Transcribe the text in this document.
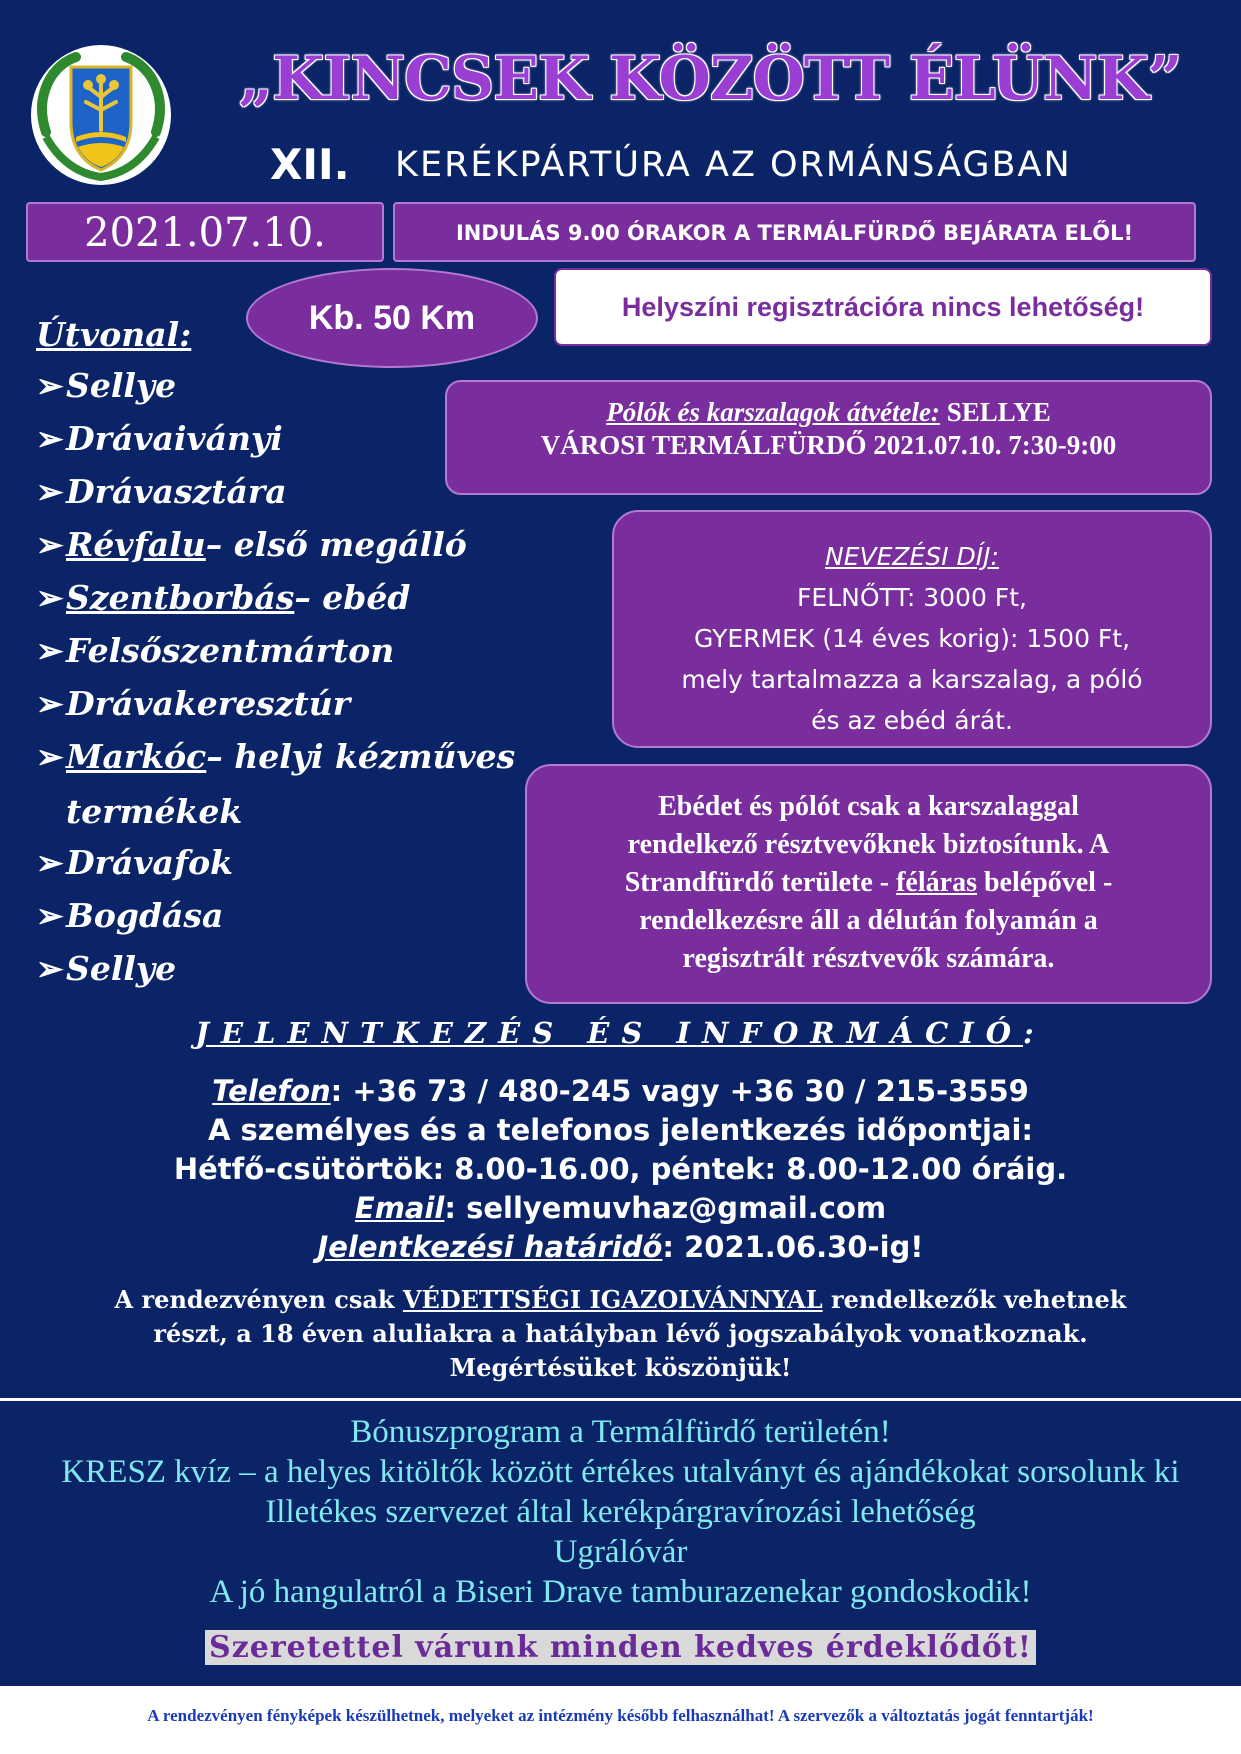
„KINCSEK KÖZÖTT ÉLÜNK”
XII. KERÉKPÁRTÚRA AZ ORMÁNSÁGBAN
2021.07.10.	INDULÁS 9.00 ÓRAKOR A TERMÁLFÜRDŐ BEJÁRATA ELŐL!
Kb. 50 Km	Helyszíni regisztrációra nincs lehetőség!
Útvonal:
➢ Sellye
➢ Drávaiványi
➢ Drávasztára
➢ Révfalu – első megálló
➢ Szentborbás – ebéd
➢ Felsőszentmárton
➢ Drávakeresztúr
➢ Markóc – helyi kézműves
termékek
➢ Drávafok
➢ Bogdása
➢ Sellye
Pólók és karszalagok átvétele: SELLYE
VÁROSI TERMÁLFÜRDŐ 2021.07.10. 7:30-9:00
NEVEZÉSI DÍJ:
FELNŐTT: 3000 Ft,
GYERMEK (14 éves korig): 1500 Ft,
mely tartalmazza a karszalag, a póló
és az ebéd árát.
Ebédet és pólót csak a karszalaggal
rendelkező résztvevőknek biztosítunk. A
Strandfürdő területe - féláras belépővel -
rendelkezésre áll a délután folyamán a
regisztrált résztvevők számára.
JELENTKEZÉS ÉS INFORMÁCIÓ:
Telefon: +36 73 / 480-245 vagy +36 30 / 215-3559
A személyes és a telefonos jelentkezés időpontjai:
Hétfő-csütörtök: 8.00-16.00, péntek: 8.00-12.00 óráig.
Email: sellyemuvhaz@gmail.com
Jelentkezési határidő: 2021.06.30-ig!
A rendezvényen csak VÉDETTSÉGI IGAZOLVÁNNYAL rendelkezők vehetnek
részt, a 18 éven aluliakra a hatályban lévő jogszabályok vonatkoznak.
Megértésüket köszönjük!
Bónuszprogram a Termálfürdő területén!
KRESZ kvíz – a helyes kitöltők között értékes utalványt és ajándékokat sorsolunk ki
Illetékes szervezet által kerékpárgravírozási lehetőség
Ugrálóvár
A jó hangulatról a Biseri Drave tamburazenekar gondoskodik!
Szeretettel várunk minden kedves érdeklődőt!
A rendezvényen fényképek készülhetnek, melyeket az intézmény később felhasználhat! A szervezők a változtatás jogát fenntartják!
